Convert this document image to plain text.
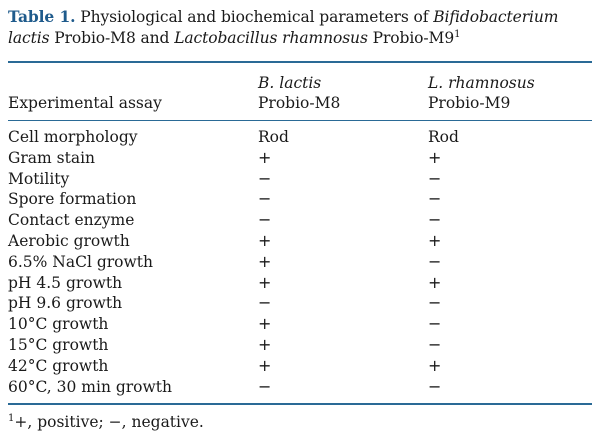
Table 1. Physiological and biochemical parameters of Bifidobacterium
lactis Probio-M8 and Lactobacillus rhamnosus Probio-$M9^1$

	B. lactis	L. rhamnosus
Experimental assay	Probio-M8	Probio-M9
Cell morphology	Rod	Rod
Gram stain	+	+
Motility	−	−
Spore formation	−	−
Contact enzyme	−	−
Aerobic growth	+	+
6.5% NaCl growth	+	−
pH 4.5 growth	+	+
pH 9.6 growth	−	−
10°C growth	+	−
15°C growth	+	−
42°C growth	+	+
60°C, 30 min growth	−	−
$^1$+, positive; −, negative.
